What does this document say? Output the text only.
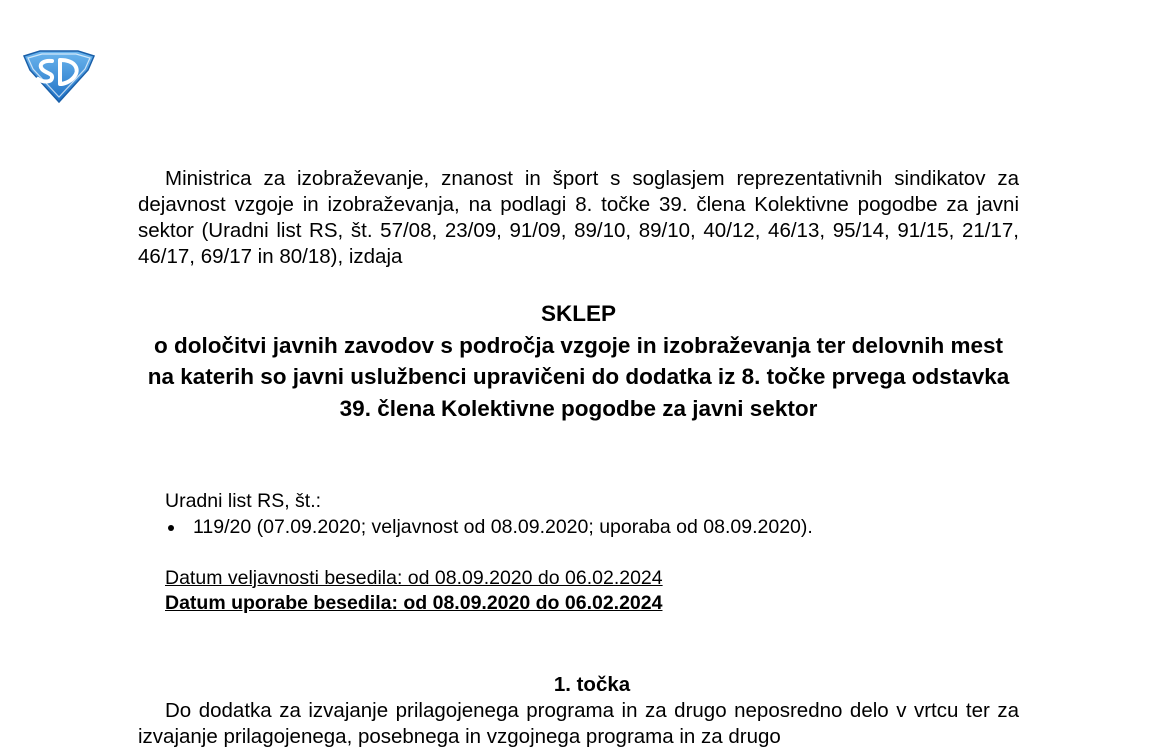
Ministrica za izobraževanje, znanost in šport s soglasjem reprezentativnih sindikatov za dejavnost vzgoje in izobraževanja, na podlagi 8. točke 39. člena Kolektivne pogodbe za javni sektor (Uradni list RS, št. 57/08, 23/09, 91/09, 89/10, 89/10, 40/12, 46/13, 95/14, 91/15, 21/17, 46/17, 69/17 in 80/18), izdaja

SKLEP
o določitvi javnih zavodov s področja vzgoje in izobraževanja ter delovnih mest na katerih so javni uslužbenci upravičeni do dodatka iz 8. točke prvega odstavka 39. člena Kolektivne pogodbe za javni sektor

Uradni list RS, št.:

119/20 (07.09.2020; veljavnost od 08.09.2020; uporaba od 08.09.2020).

Datum veljavnosti besedila: od 08.09.2020 do 06.02.2024

Datum uporabe besedila: od 08.09.2020 do 06.02.2024

1. točka

Do dodatka za izvajanje prilagojenega programa in za drugo neposredno delo v vrtcu ter za izvajanje prilagojenega, posebnega in vzgojnega programa in za drugo
